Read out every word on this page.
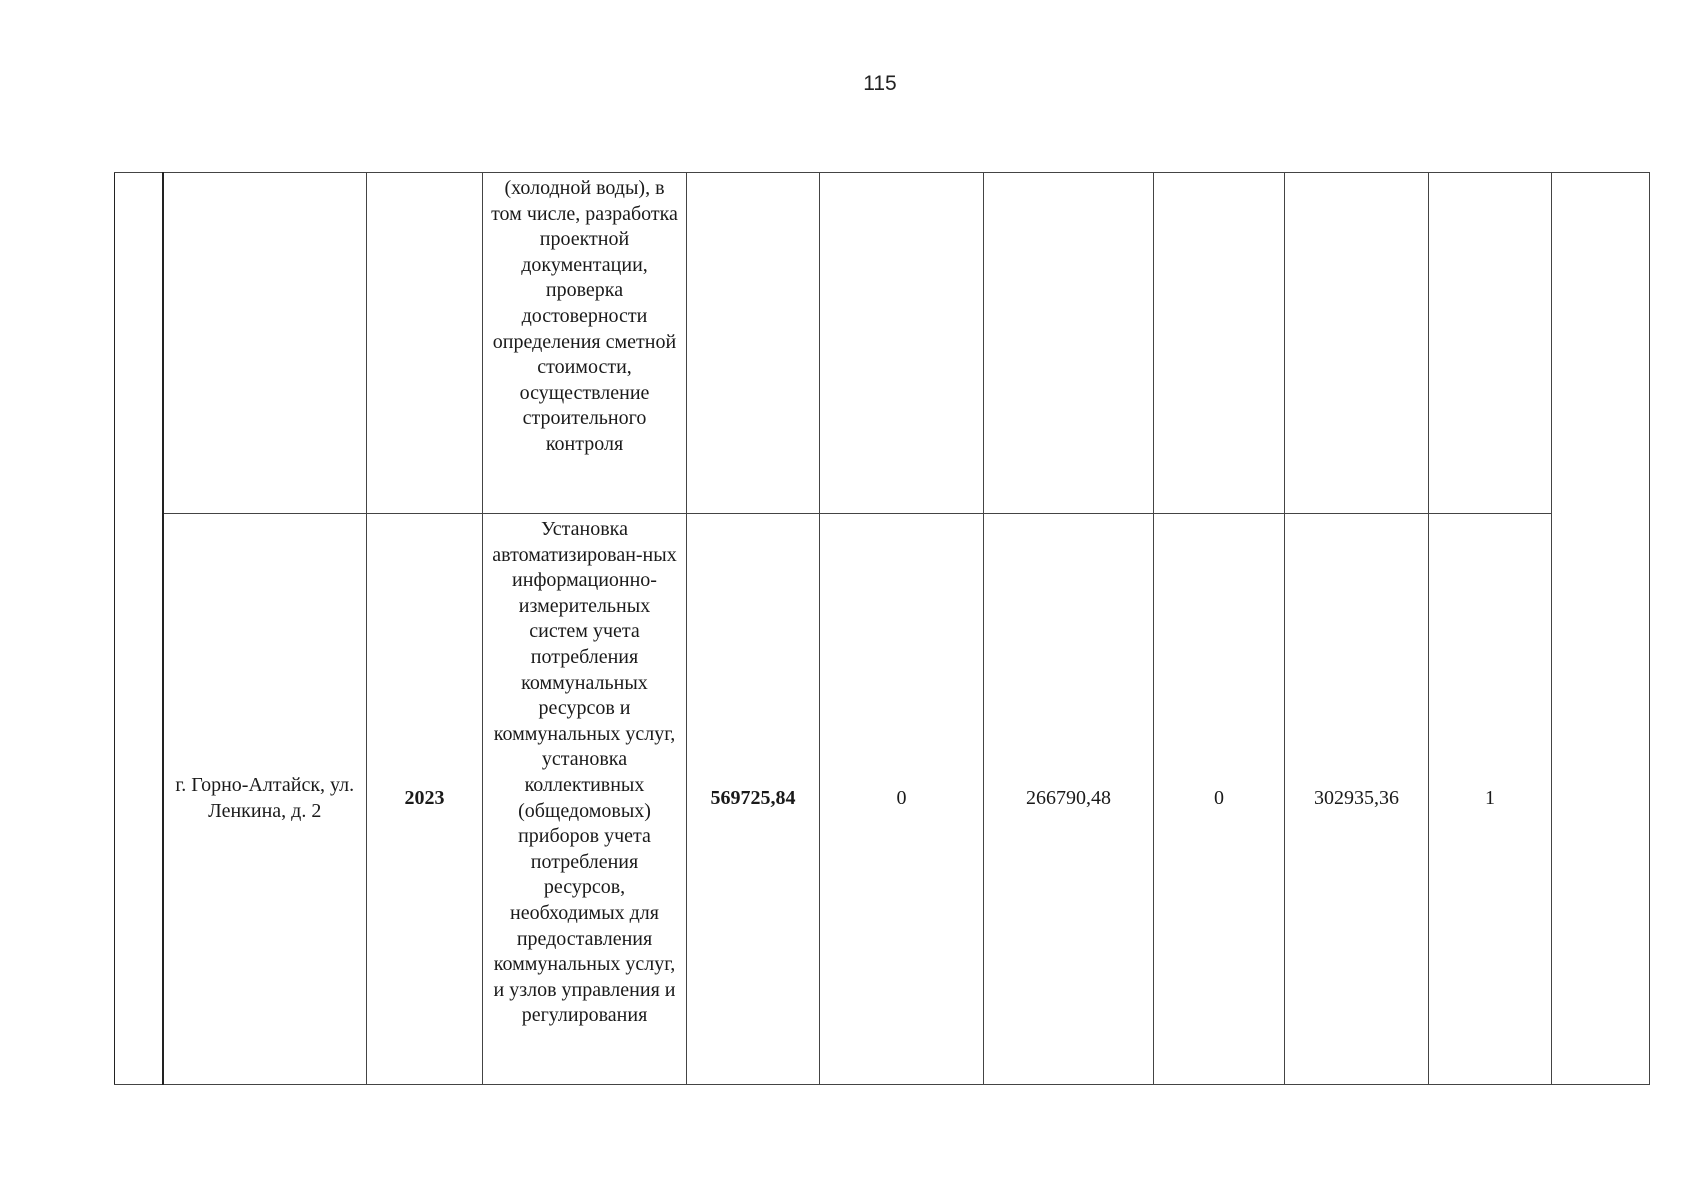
115
			(холодной воды), в том числе, разработка проектной документации, проверка достоверности определения сметной стоимости, осуществление строительного контроля							
	г. Горно-Алтайск, ул. Ленкина, д. 2	2023	Установка автоматизирован-ных информационно-измерительных систем учета потребления коммунальных ресурсов и коммунальных услуг, установка коллективных (общедомовых) приборов учета потребления ресурсов, необходимых для предоставления коммунальных услуг, и узлов управления и регулирования	569725,84	0	266790,48	0	302935,36	1	
